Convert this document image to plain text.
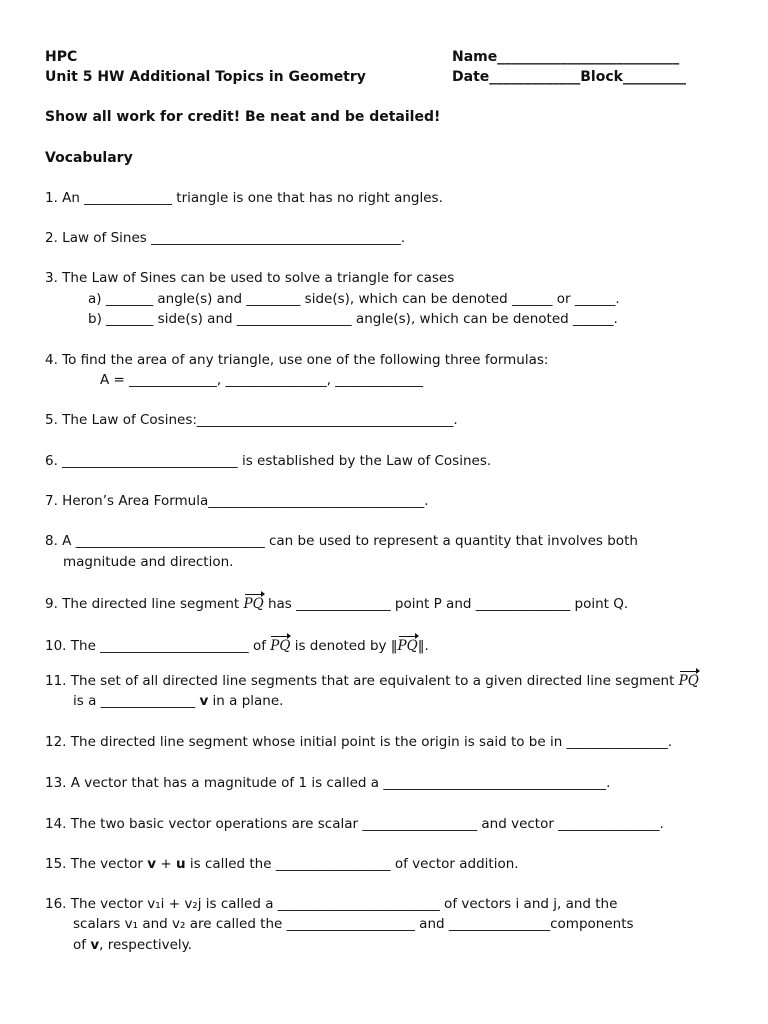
HPC	Name__________________________
Unit 5 HW Additional Topics in Geometry	Date_____________Block_________
Show all work for credit! Be neat and be detailed!
Vocabulary
1. An _____________ triangle is one that has no right angles.
2. Law of Sines _____________________________________.
3. The Law of Sines can be used to solve a triangle for cases
a) _______ angle(s) and ________ side(s), which can be denoted ______ or ______.
b) _______ side(s) and _________________ angle(s), which can be denoted ______.
4. To find the area of any triangle, use one of the following three formulas:
A = _____________, _______________, _____________
5. The Law of Cosines:______________________________________.
6. __________________________ is established by the Law of Cosines.
7. Heron’s Area Formula________________________________.
8. A ____________________________ can be used to represent a quantity that involves both
magnitude and direction.
9. The directed line segment PQ has ______________ point P and ______________ point Q.
10. The ______________________ of PQ is denoted by ‖PQ‖.
11. The set of all directed line segments that are equivalent to a given directed line segment PQ
is a ______________ v in a plane.
12. The directed line segment whose initial point is the origin is said to be in _______________.
13. A vector that has a magnitude of 1 is called a _________________________________.
14. The two basic vector operations are scalar _________________ and vector _______________.
15. The vector v + u is called the _________________ of vector addition.
16. The vector v₁i + v₂j is called a ________________________ of vectors i and j, and the
scalars v₁ and v₂ are called the ___________________ and _______________components
of v, respectively.
